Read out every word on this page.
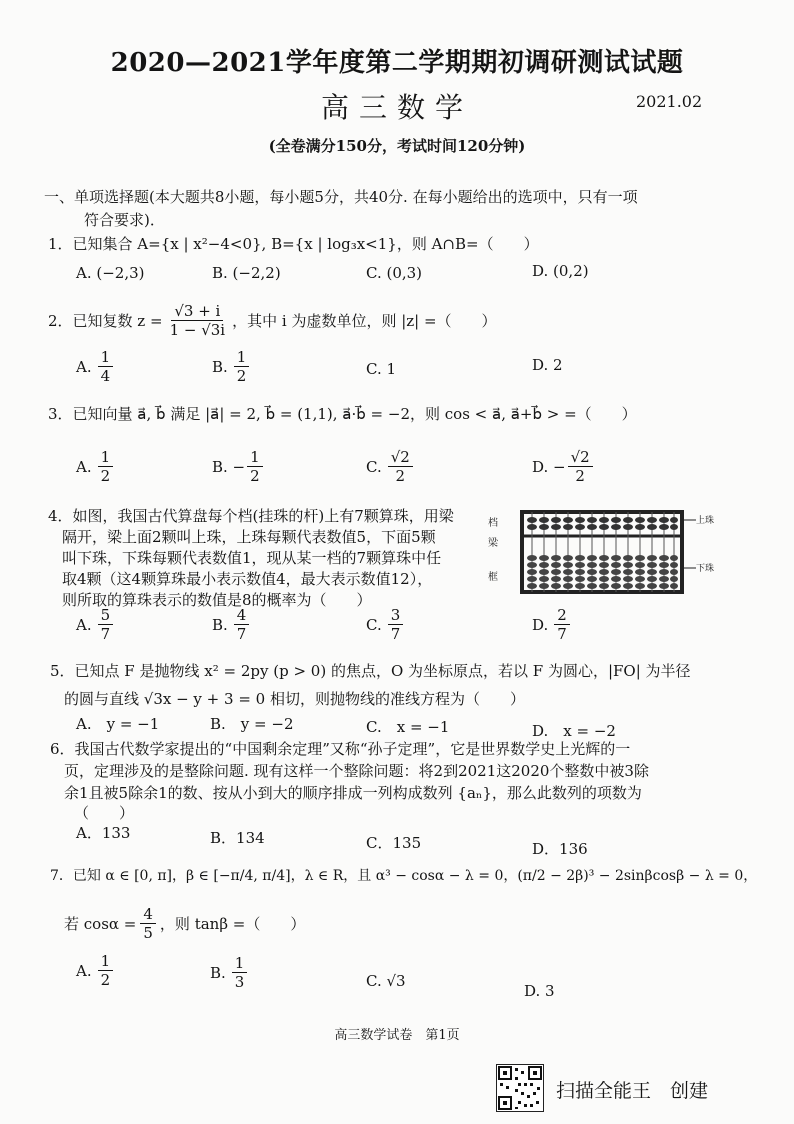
2020—2021学年度第二学期期初调研测试试题
高三数学	2021.02
(全卷满分150分，考试时间120分钟)
一、单项选择题(本大题共8小题，每小题5分，共40分. 在每小题给出的选项中，只有一项
符合要求)．
1．已知集合 A={x | x²−4<0}, B={x | log₃x<1}，则 A∩B=（　　）
A. (−2,3)	B. (−2,2)	C. (0,3)	D. (0,2)
2．已知复数 $z = \frac{√3 + i}{1 - √3i}$ ，其中 i 为虚数单位，则 |z| =（　　）
A. $\frac{1}{4}$	B. $\frac{1}{2}$	C. 1	D. 2
3．已知向量 a⃗, b⃗ 满足 |a⃗| = 2, b⃗ = (1,1), a⃗·b⃗ = −2，则 cos < a⃗, a⃗+b⃗ > =（　　）
A. $\frac{1}{2}$	B. − $\frac{1}{2}$	C. $\frac{√2}{2}$	D. − $\frac{√2}{2}$
4．如图，我国古代算盘每个档(挂珠的杆)上有7颗算珠，用梁
隔开，梁上面2颗叫上珠，上珠每颗代表数值5，下面5颗
叫下珠，下珠每颗代表数值1，现从某一档的7颗算珠中任
取4颗（这4颗算珠最小表示数值4，最大表示数值12），
则所取的算珠表示的数值是8的概率为（　　）
档
梁
框
上珠
下珠
A. $\frac{5}{7}$	B. $\frac{4}{7}$	C. $\frac{3}{7}$	D. $\frac{2}{7}$
5．已知点 F 是抛物线 x² = 2py (p > 0) 的焦点，O 为坐标原点，若以 F 为圆心，|FO| 为半径
的圆与直线 √3x − y + 3 = 0 相切，则抛物线的准线方程为（　　）
A.　y = −1	B.　y = −2	C.　x = −1	D.　x = −2
6．我国古代数学家提出的“中国剩余定理”又称“孙子定理”，它是世界数学史上光辉的一
页，定理涉及的是整除问题. 现有这样一个整除问题：将2到2021这2020个整数中被3除
余1且被5除余1的数、按从小到大的顺序排成一列构成数列 {aₙ}，那么此数列的项数为
（　　）
A．133	B．134	C．135	D．136
7．已知 α ∈ [0, π]，β ∈ [−π/4, π/4]，λ ∈ R，且 α³ − cosα − λ = 0，(π/2 − 2β)³ − 2sinβcosβ − λ = 0，
若 $\cos\alpha = \frac{4}{5}$ ，则 tanβ =（　　）
A. $\frac{1}{2}$	B. $\frac{1}{3}$	C. √3
D. 3
高三数学试卷　第1页
扫描全能王　创建
